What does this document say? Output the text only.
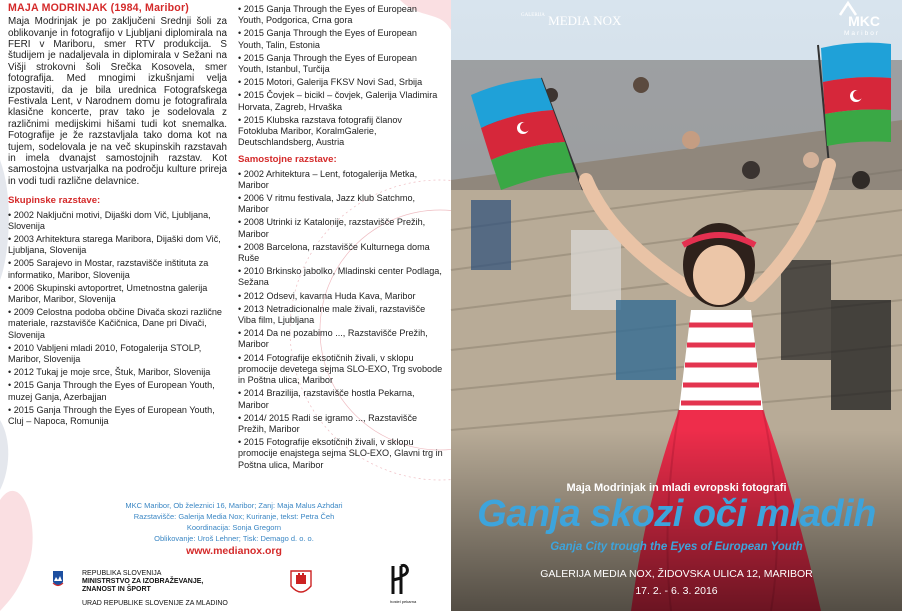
MAJA MODRINJAK (1984, Maribor)
Maja Modrinjak je po zaključeni Srednji šoli za oblikovanje in fotografijo v Ljubljani diplomirala na FERI v Mariboru, smer RTV produkcija. S študijem je nadaljevala in diplomirala v Sežani na Višji strokovni šoli Srečka Kosovela, smer fotografija. Med mnogimi izkušnjami velja izpostaviti, da je bila urednica Fotografskega Festivala Lent, v Narodnem domu je fotografirala klasične koncerte, prav tako je sodelovala z različnimi medijskimi hišami tudi kot snemalka. Fotografije je že razstavljala tako doma kot na tujem, sodelovala je na več skupinskih razstavah in imela dvanajst samostojnih razstav. Kot samostojna ustvarjalka na področju kulture prireja in vodi tudi različne delavnice.
Skupinske razstave:
• 2002 Naključni motivi, Dijaški dom Vič, Ljubljana, Slovenija
• 2003 Arhitektura starega Maribora, Dijaški dom Vič, Ljubljana, Slovenija
• 2005 Sarajevo in Mostar, razstavišče inštituta za informatiko, Maribor, Slovenija
• 2006 Skupinski avtoportret, Umetnostna galerija Maribor, Maribor, Slovenija
• 2009 Celostna podoba občine Divača skozi različne materiale, razstavišče Kačičnica, Dane pri Divači, Slovenija
• 2010 Vabljeni mladi 2010, Fotogalerija STOLP, Maribor, Slovenija
• 2012 Tukaj je moje srce, Štuk, Maribor, Slovenija
• 2015 Ganja Through the Eyes of European Youth, muzej Ganja, Azerbajjan
• 2015 Ganja Through the Eyes of European Youth, Cluj – Napoca, Romunija
• 2015 Ganja Through the Eyes of European Youth, Podgorica, Crna gora
• 2015 Ganja Through the Eyes of European Youth, Talin, Estonia
• 2015 Ganja Through the Eyes of European Youth, Istanbul, Turčija
• 2015 Motori, Galerija FKSV Novi Sad, Srbija
• 2015 Čovjek – bicikl – čovjek, Galerija Vladimira Horvata, Zagreb, Hrvaška
• 2015 Klubska razstava fotografij članov Fotokluba Maribor, KoralmGalerie, Deutschlandsberg, Austria
Samostojne razstave:
• 2002 Arhitektura – Lent, fotogalerija Metka, Maribor
• 2006 V ritmu festivala, Jazz klub Satchmo, Maribor
• 2008 Utrinki iz Katalonije, razstavišče Prežih, Maribor
• 2008 Barcelona, razstavišče Kulturnega doma Ruše
• 2010 Brkinsko jabolko, Mladinski center Podlaga, Sežana
• 2012 Odsevi, kavarna Huda Kava, Maribor
• 2013 Netradicionalne male živali, razstavišče Viba film, Ljubljana
• 2014 Da ne pozabimo ..., Razstavišče Prežih, Maribor
• 2014 Fotografije eksotičnih živali, v sklopu promocije devetega sejma SLO-EXO, Trg svobode in Poštna ulica, Maribor
• 2014 Brazilija, razstavišče hostla Pekarna, Maribor
• 2014/ 2015 Radi se igramo ..., Razstavišče Prežih, Maribor
• 2015 Fotografije eksotičnih živali, v sklopu promocije enajstega sejma SLO-EXO, Glavni trg in Poštna ulica, Maribor
MKC Maribor, Ob železnici 16, Maribor; Zanj: Maja Malus Azhdari
Razstavišče: Galerija Media Nox; Kuriranje, tekst: Petra Čeh
Koordinacija: Sonja Gregorn
Oblikovanje: Uroš Lehner; Tisk: Demago d. o. o.
www.medianox.org
REPUBLIKA SLOVENIJA
MINISTRSTVO ZA IZOBRAŽEVANJE,
ZNANOST IN ŠPORT
URAD REPUBLIKE SLOVENIJE ZA MLADINO	hostel pekarna
$^{GALERIJA}$ MEDIA NOX	MKC
Maribor
Maja Modrinjak in mladi evropski fotografi
Ganja skozi oči mladih
Ganja City trough the Eyes of European Youth
GALERIJA MEDIA NOX, ŽIDOVSKA ULICA 12, MARIBOR
17. 2. - 6. 3. 2016
